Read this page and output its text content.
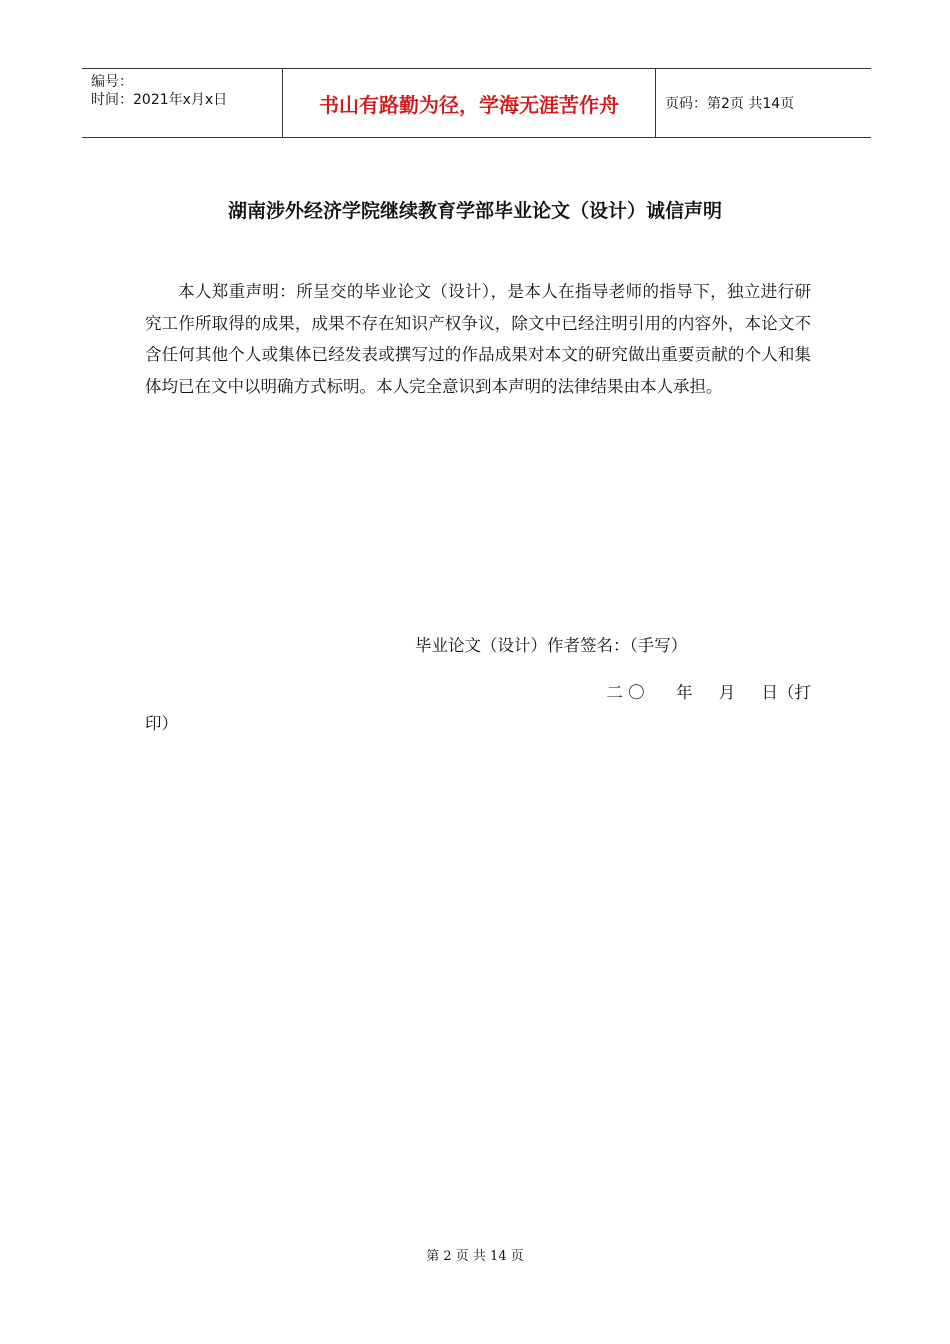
编号：
时间：2021年x月x日	书山有路勤为径，学海无涯苦作舟	页码：第2页 共14页
湖南涉外经济学院继续教育学部毕业论文（设计）诚信声明

本人郑重声明：所呈交的毕业论文（设计），是本人在指导老师的指导下，独立进行研究工作所取得的成果，成果不存在知识产权争议，除文中已经注明引用的内容外，本论文不含任何其他个人或集体已经发表或撰写过的作品成果对本文的研究做出重要贡献的个人和集体均已在文中以明确方式标明。本人完全意识到本声明的法律结果由本人承担。

毕业论文（设计）作者签名：（手写）
二 〇      年     月     日（打
印）
第 2 页 共 14 页
